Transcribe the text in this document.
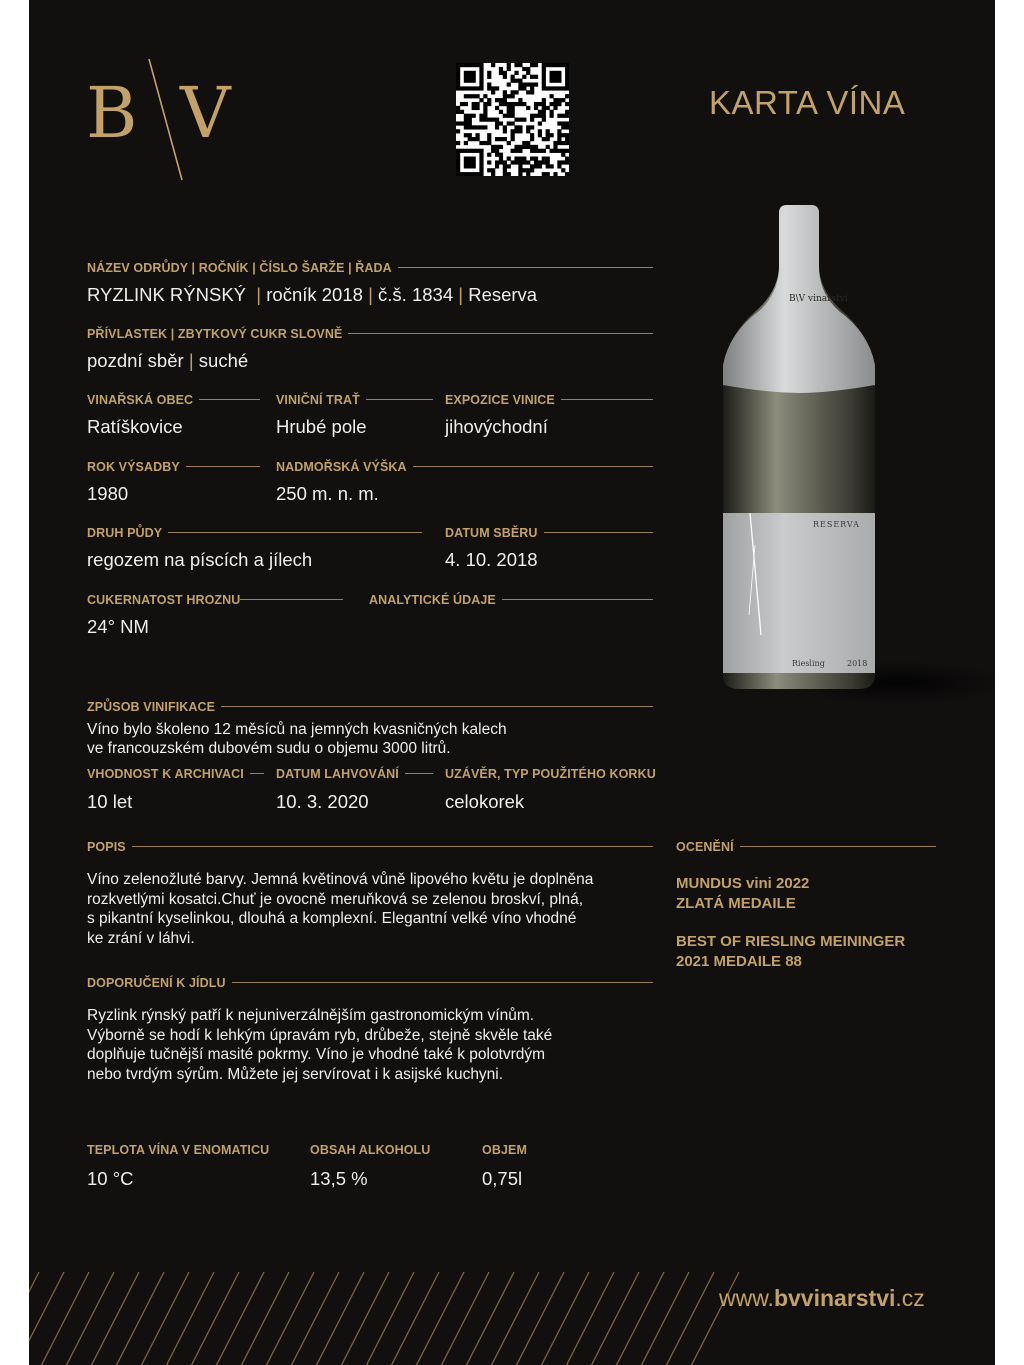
B V	KARTA VÍNA
B\V vinařství
RESERVA
Riesling	2018
NÁZEV ODRŮDY | ROČNÍK | ČÍSLO ŠARŽE | ŘADA
RYZLINK RÝNSKÝ | ročník 2018 | č.š. 1834 | Reserva
PŘÍVLASTEK | ZBYTKOVÝ CUKR SLOVNĚ
pozdní sběr | suché
VINAŘSKÁ OBEC
Ratíškovice
VINIČNÍ TRAŤ
Hrubé pole
EXPOZICE VINICE
jihovýchodní
ROK VÝSADBY
1980
NADMOŘSKÁ VÝŠKA
250 m. n. m.
DRUH PŮDY
regozem na píscích a jílech
DATUM SBĚRU
4. 10. 2018
CUKERNATOST HROZNU
24° NM
ANALYTICKÉ ÚDAJE
ZPŮSOB VINIFIKACE
Víno bylo školeno 12 měsíců na jemných kvasničných kalech
ve francouzském dubovém sudu o objemu 3000 litrů.
VHODNOST K ARCHIVACI
10 let
DATUM LAHVOVÁNÍ
10. 3. 2020
UZÁVĚR, TYP POUŽITÉHO KORKU
celokorek
POPIS
Víno zelenožluté barvy. Jemná květinová vůně lipového květu je doplněna
rozkvetlými kosatci.Chuť je ovocně meruňková se zelenou broskví, plná,
s pikantní kyselinkou, dlouhá a komplexní. Elegantní velké víno vhodné
ke zrání v láhvi.
DOPORUČENÍ K JÍDLU
Ryzlink rýnský patří k nejuniverzálnějším gastronomickým vínům.
Výborně se hodí k lehkým úpravám ryb, drůbeže, stejně skvěle také
doplňuje tučnější masité pokrmy. Víno je vhodné také k polotvrdým
nebo tvrdým sýrům. Můžete jej servírovat i k asijské kuchyni.
OCENĚNÍ
MUNDUS vini 2022
ZLATÁ MEDAILE
BEST OF RIESLING MEININGER
2021 MEDAILE 88
TEPLOTA VÍNA V ENOMATICU
10 °C
OBSAH ALKOHOLU
13,5 %
OBJEM
0,75l
www.bvvinarstvi.cz
